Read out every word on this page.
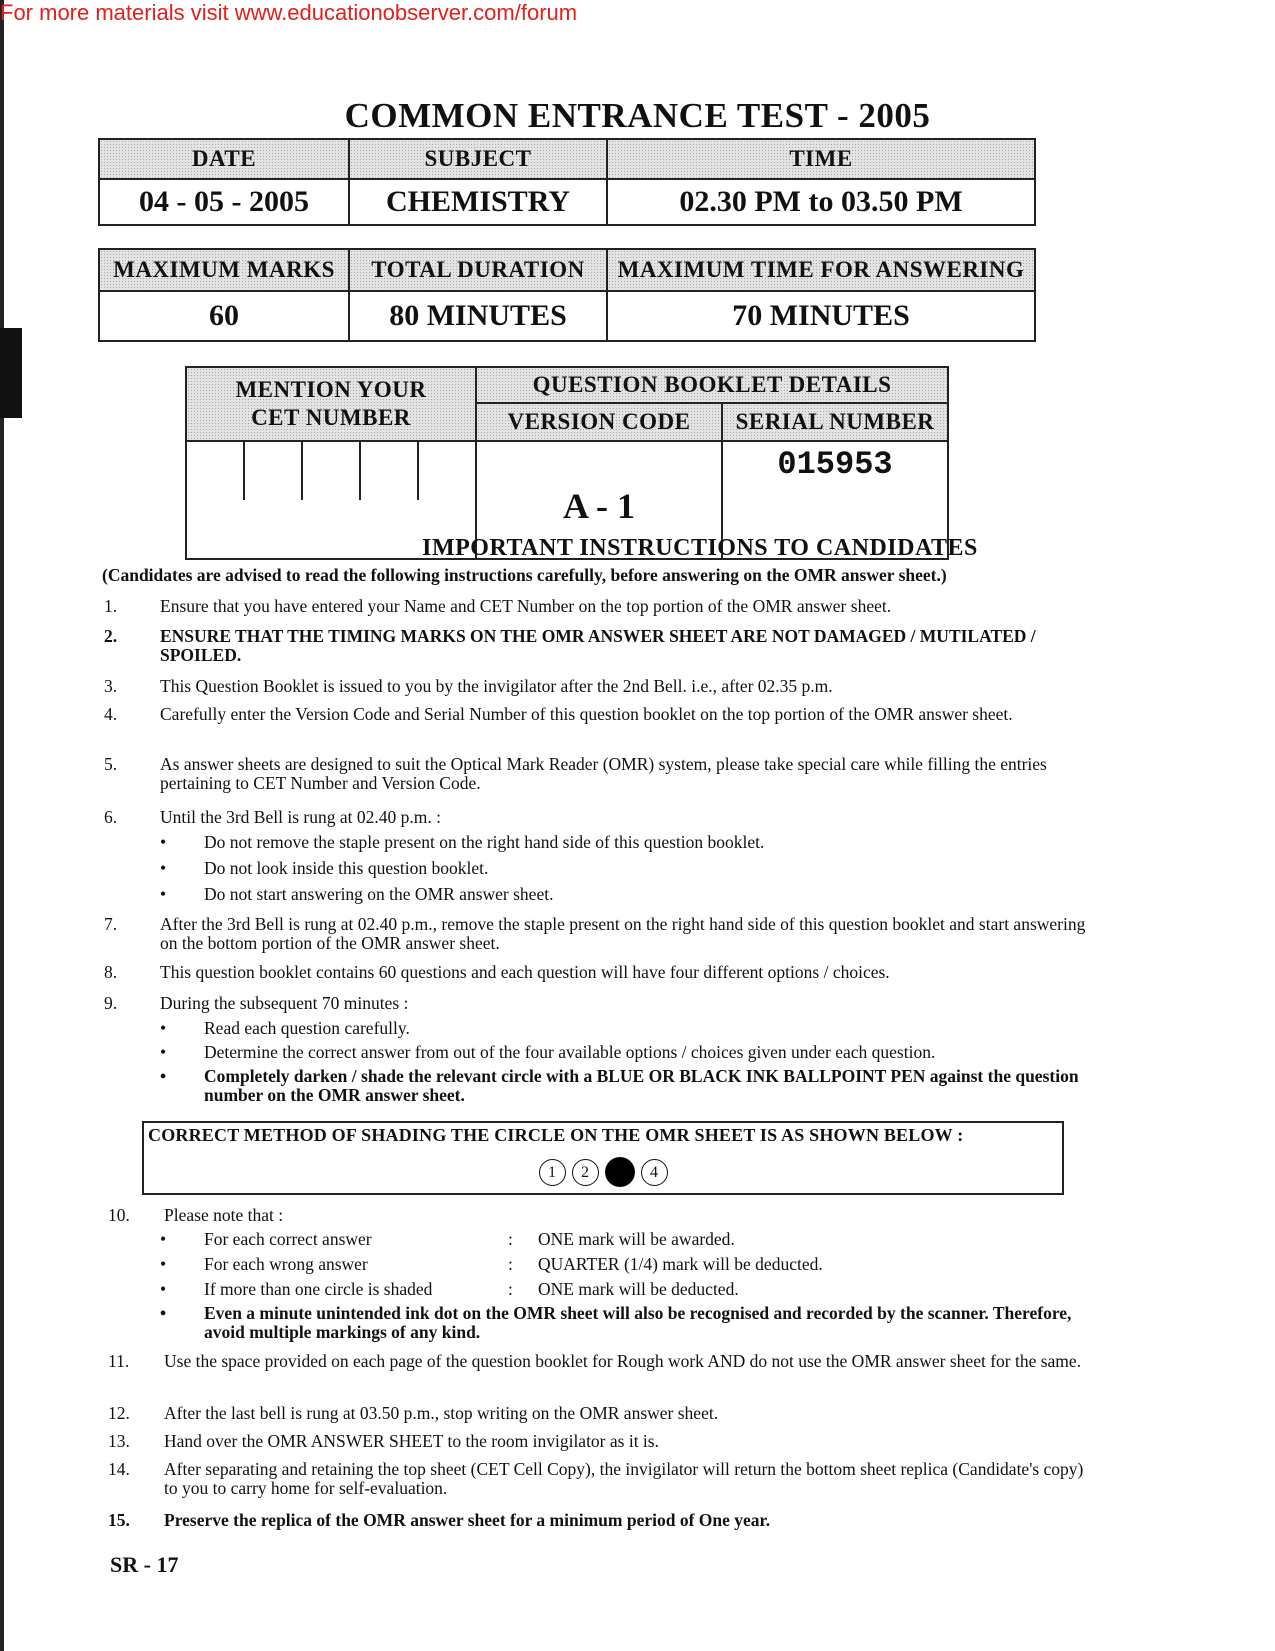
For more materials visit www.educationobserver.com/forum
COMMON ENTRANCE TEST - 2005
DATE	SUBJECT	TIME
04 - 05 - 2005	CHEMISTRY	02.30 PM to 03.50 PM
MAXIMUM MARKS	TOTAL DURATION	MAXIMUM TIME FOR ANSWERING
60	80 MINUTES	70 MINUTES
MENTION YOUR
CET NUMBER	QUESTION BOOKLET DETAILS	
	VERSION CODE	SERIAL NUMBER
	A - 1	015953
IMPORTANT INSTRUCTIONS TO CANDIDATES
(Candidates are advised to read the following instructions carefully, before answering on the OMR answer sheet.)
1. Ensure that you have entered your Name and CET Number on the top portion of the OMR answer sheet.
2. ENSURE THAT THE TIMING MARKS ON THE OMR ANSWER SHEET ARE NOT DAMAGED / MUTILATED / SPOILED.
3. This Question Booklet is issued to you by the invigilator after the 2nd Bell. i.e., after 02.35 p.m.
4. Carefully enter the Version Code and Serial Number of this question booklet on the top portion of the OMR answer sheet.
5. As answer sheets are designed to suit the Optical Mark Reader (OMR) system, please take special care while filling the entries pertaining to CET Number and Version Code.
6. Until the 3rd Bell is rung at 02.40 p.m. :
• Do not remove the staple present on the right hand side of this question booklet.
• Do not look inside this question booklet.
• Do not start answering on the OMR answer sheet.
7. After the 3rd Bell is rung at 02.40 p.m., remove the staple present on the right hand side of this question booklet and start answering on the bottom portion of the OMR answer sheet.
8. This question booklet contains 60 questions and each question will have four different options / choices.
9. During the subsequent 70 minutes :
• Read each question carefully.
• Determine the correct answer from out of the four available options / choices given under each question.
• Completely darken / shade the relevant circle with a BLUE OR BLACK INK BALLPOINT PEN against the question number on the OMR answer sheet.
CORRECT METHOD OF SHADING THE CIRCLE ON THE OMR SHEET IS AS SHOWN BELOW :
1 2	4
10. Please note that :
• For each correct answer	: ONE mark will be awarded.
• For each wrong answer	: QUARTER (1/4) mark will be deducted.
• If more than one circle is shaded	: ONE mark will be deducted.
• Even a minute unintended ink dot on the OMR sheet will also be recognised and recorded by the scanner. Therefore, avoid multiple markings of any kind.
11. Use the space provided on each page of the question booklet for Rough work AND do not use the OMR answer sheet for the same.
12. After the last bell is rung at 03.50 p.m., stop writing on the OMR answer sheet.
13. Hand over the OMR ANSWER SHEET to the room invigilator as it is.
14. After separating and retaining the top sheet (CET Cell Copy), the invigilator will return the bottom sheet replica (Candidate's copy) to you to carry home for self-evaluation.
15. Preserve the replica of the OMR answer sheet for a minimum period of One year.
SR - 17
